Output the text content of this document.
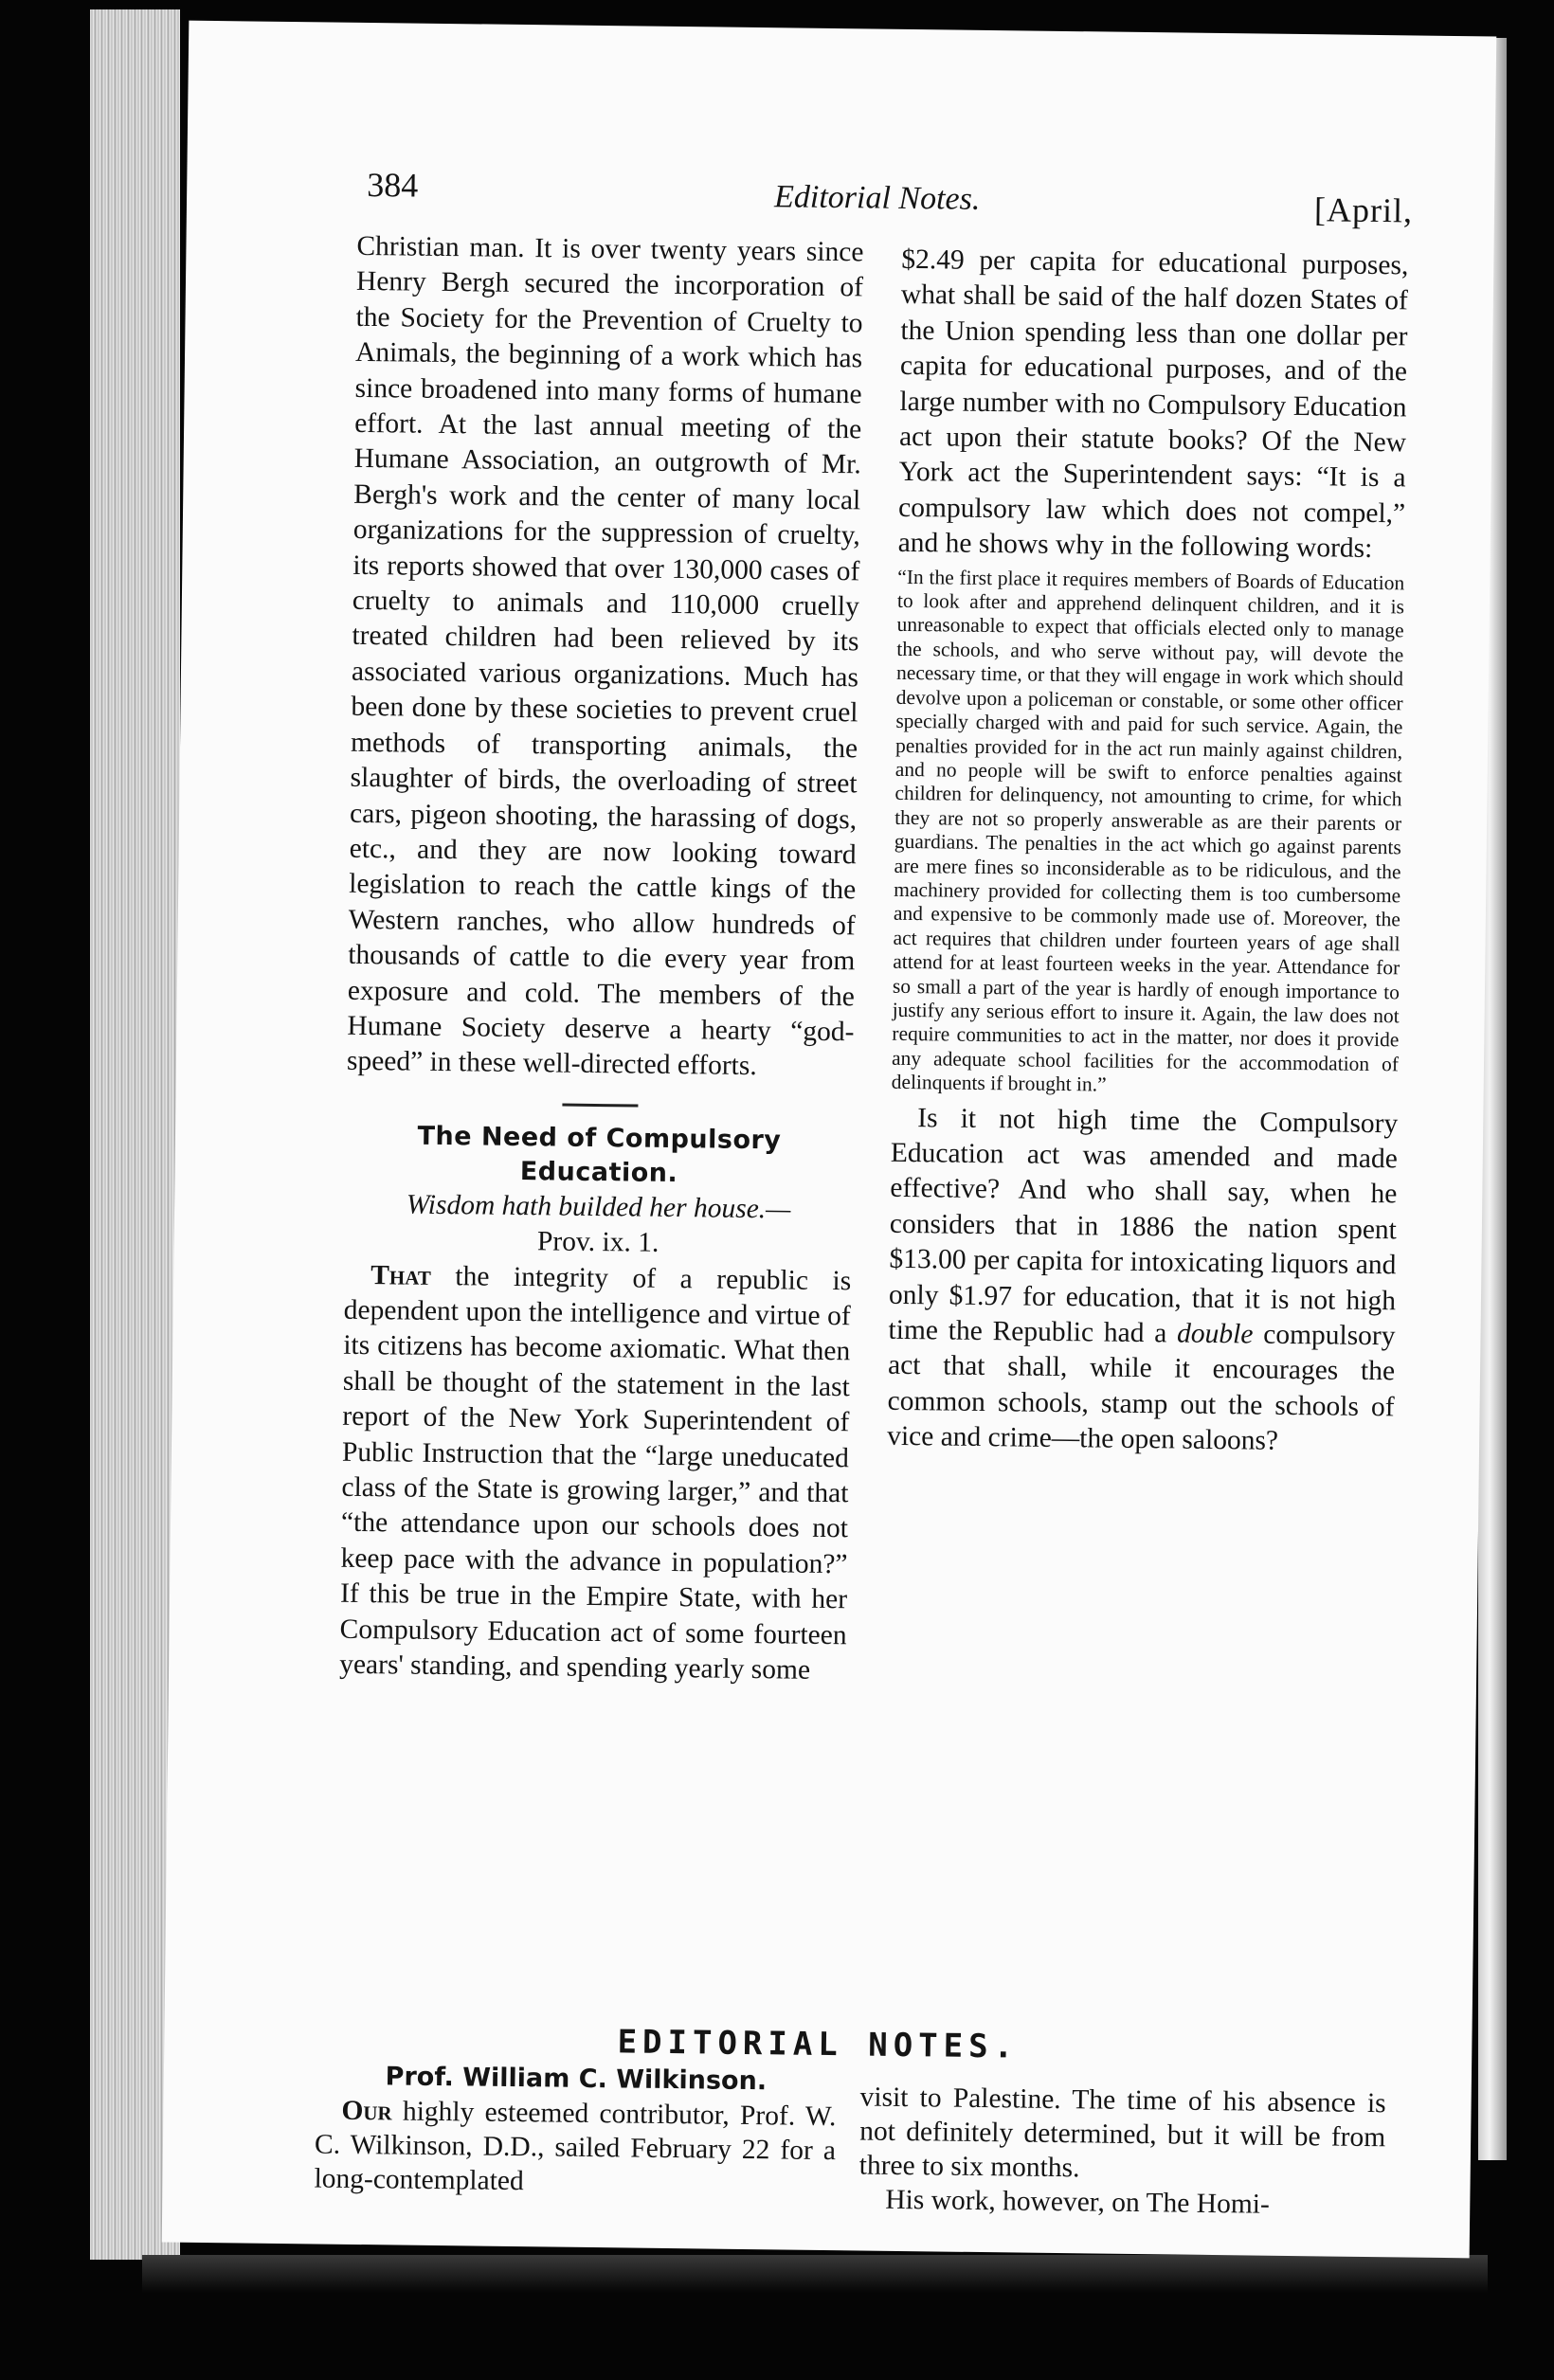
384	Editorial Notes.	[April,

Christian man. It is over twenty years since Henry Bergh secured the incorporation of the Society for the Prevention of Cruelty to Animals, the beginning of a work which has since broadened into many forms of humane effort. At the last annual meeting of the Humane Association, an outgrowth of Mr. Bergh's work and the center of many local organizations for the suppression of cruelty, its reports showed that over 130,000 cases of cruelty to animals and 110,000 cruelly treated children had been relieved by its associated various organizations. Much has been done by these societies to prevent cruel methods of transporting animals, the slaughter of birds, the overloading of street cars, pigeon shooting, the harassing of dogs, etc., and they are now looking toward legislation to reach the cattle kings of the Western ranches, who allow hundreds of thousands of cattle to die every year from exposure and cold. The members of the Humane Society deserve a hearty “god-speed” in these well-directed efforts.

The Need of Compulsory Education.
Wisdom hath builded her house.—
Prov. ix. 1.

That the integrity of a republic is dependent upon the intelligence and virtue of its citizens has become axiomatic. What then shall be thought of the statement in the last report of the New York Superintendent of Public Instruction that the “large uneducated class of the State is growing larger,” and that “the attendance upon our schools does not keep pace with the advance in population?” If this be true in the Empire State, with her Compulsory Education act of some fourteen years' standing, and spending yearly some

$2.49 per capita for educational purposes, what shall be said of the half dozen States of the Union spending less than one dollar per capita for educational purposes, and of the large number with no Compulsory Education act upon their statute books? Of the New York act the Superintendent says: “It is a compulsory law which does not compel,” and he shows why in the following words:

“In the first place it requires members of Boards of Education to look after and apprehend delinquent children, and it is unreasonable to expect that officials elected only to manage the schools, and who serve without pay, will devote the necessary time, or that they will engage in work which should devolve upon a policeman or constable, or some other officer specially charged with and paid for such service. Again, the penalties provided for in the act run mainly against children, and no people will be swift to enforce penalties against children for delinquency, not amounting to crime, for which they are not so properly answerable as are their parents or guardians. The penalties in the act which go against parents are mere fines so inconsiderable as to be ridiculous, and the machinery provided for collecting them is too cumbersome and expensive to be commonly made use of. Moreover, the act requires that children under fourteen years of age shall attend for at least fourteen weeks in the year. Attendance for so small a part of the year is hardly of enough importance to justify any serious effort to insure it. Again, the law does not require communities to act in the matter, nor does it provide any adequate school facilities for the accommodation of delinquents if brought in.”

Is it not high time the Compulsory Education act was amended and made effective? And who shall say, when he considers that in 1886 the nation spent $13.00 per capita for intoxicating liquors and only $1.97 for education, that it is not high time the Republic had a double compulsory act that shall, while it encourages the common schools, stamp out the schools of vice and crime—the open saloons?

EDITORIAL NOTES.
Prof. William C. Wilkinson.

Our highly esteemed contributor, Prof. W. C. Wilkinson, D.D., sailed February 22 for a long-contemplated

visit to Palestine. The time of his absence is not definitely determined, but it will be from three to six months.

His work, however, on The Homi-
